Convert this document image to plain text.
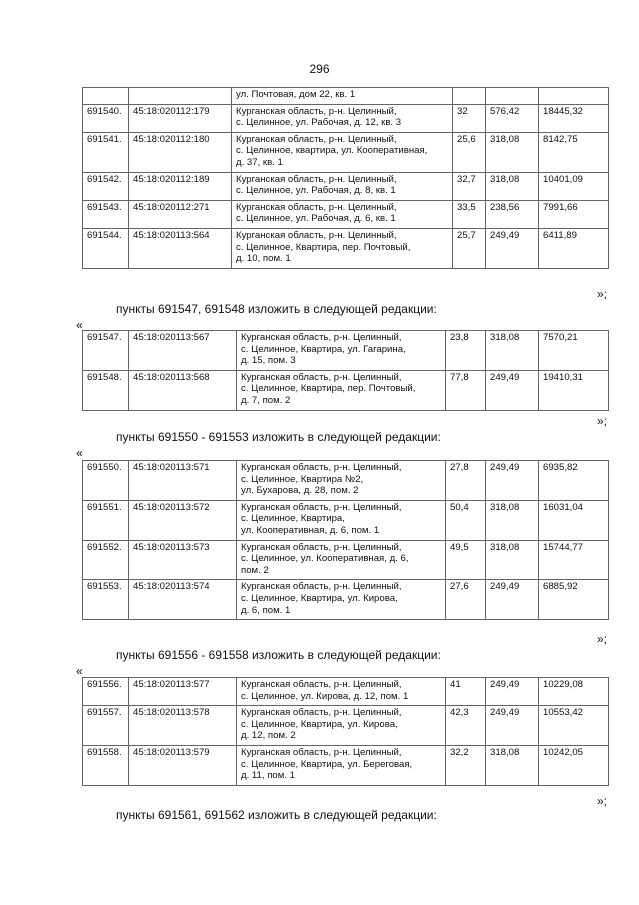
296

		ул. Почтовая, дом 22, кв. 1			

691540.	45:18:020112:179	Курганская область, р-н. Целинный,
с. Целинное, ул. Рабочая, д. 12, кв. 3	32	576,42	18445,32
691541.	45:18:020112:180	Курганская область, р-н. Целинный,
с. Целинное, квартира, ул. Кооперативная,
д. 37, кв. 1	25,6	318,08	8142,75
691542.	45:18:020112:189	Курганская область, р-н. Целинный,
с. Целинное, ул. Рабочая, д. 8, кв. 1	32,7	318,08	10401,09
691543.	45:18:020112:271	Курганская область, р-н. Целинный,
с. Целинное, ул. Рабочая, д. 6, кв. 1	33,5	238,56	7991,66
691544.	45:18:020113:564	Курганская область, р-н. Целинный,
с. Целинное, Квартира, пер. Почтовый,
д. 10, пом. 1	25,7	249,49	6411,89
»;
пункты 691547, 691548 изложить в следующей редакции:
«
691547.	45:18:020113:567	Курганская область, р-н. Целинный,
с. Целинное, Квартира, ул. Гагарина,
д. 15, пом. 3	23,8	318,08	7570,21
691548.	45:18:020113:568	Курганская область, р-н. Целинный,
с. Целинное, Квартира, пер. Почтовый,
д. 7, пом. 2	77,8	249,49	19410,31
»;
пункты 691550 - 691553 изложить в следующей редакции:
«
691550.	45:18:020113:571	Курганская область, р-н. Целинный,
с. Целинное, Квартира №2,
ул. Бухарова, д. 28, пом. 2	27,8	249,49	6935,82
691551.	45:18:020113:572	Курганская область, р-н. Целинный,
с. Целинное, Квартира,
ул. Кооперативная, д. 6, пом. 1	50,4	318,08	16031,04
691552.	45:18:020113:573	Курганская область, р-н. Целинный,
с. Целинное, ул. Кооперативная, д. 6,
пом. 2	49,5	318,08	15744,77
691553.	45:18:020113:574	Курганская область, р-н. Целинный,
с. Целинное, Квартира, ул. Кирова,
д. 6, пом. 1	27,6	249,49	6885,92
»;
пункты 691556 - 691558 изложить в следующей редакции:
«
691556.	45:18:020113:577	Курганская область, р-н. Целинный,
с. Целинное, ул. Кирова, д. 12, пом. 1	41	249,49	10229,08
691557.	45:18:020113:578	Курганская область, р-н. Целинный,
с. Целинное, Квартира, ул. Кирова,
д. 12, пом. 2	42,3	249,49	10553,42
691558.	45:18:020113:579	Курганская область, р-н. Целинный,
с. Целинное, Квартира, ул. Береговая,
д. 11, пом. 1	32,2	318,08	10242,05
»;
пункты 691561, 691562 изложить в следующей редакции:
